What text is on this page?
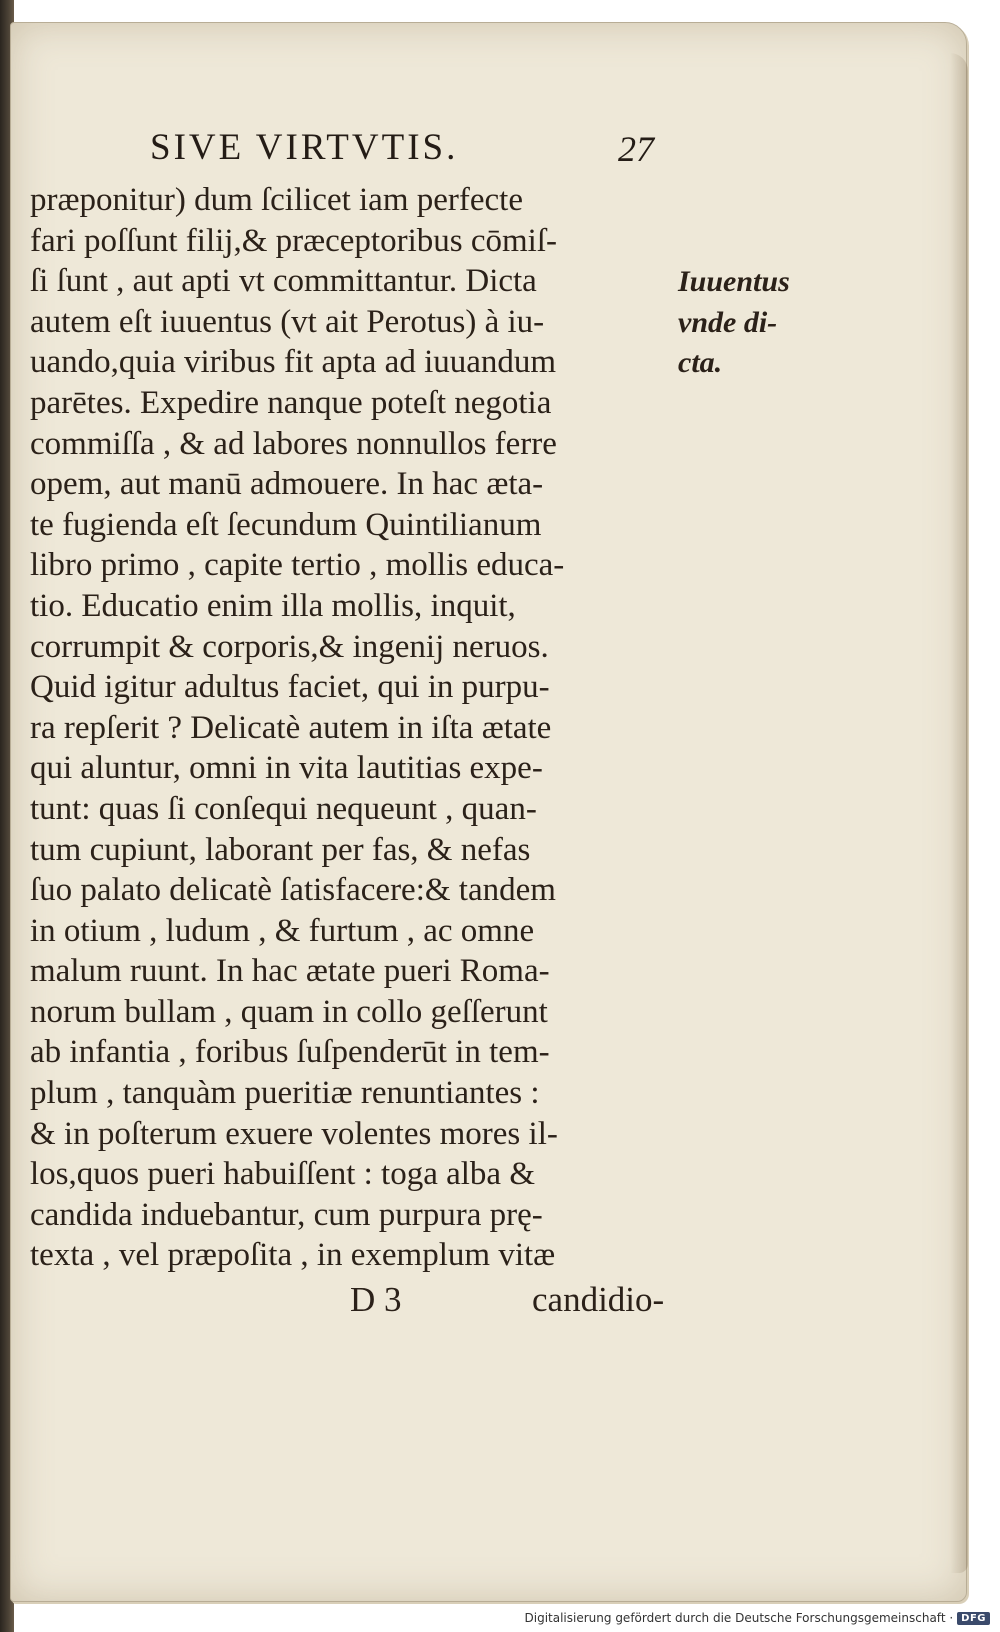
SIVE VIRTVTIS.	27
præponitur) dum ſcilicet iam perfecte
fari poſſunt filij,& præceptoribus cōmiſ-
ſi ſunt , aut apti vt committantur. Dicta
autem eſt iuuentus (vt ait Perotus) à iu-
uando,quia viribus fit apta ad iuuandum
parētes. Expedire nanque poteſt negotia
commiſſa , & ad labores nonnullos ferre
opem, aut manū admouere. In hac æta-
te fugienda eſt ſecundum Quintilianum
libro primo , capite tertio , mollis educa-
tio. Educatio enim illa mollis, inquit,
corrumpit & corporis,& ingenij neruos.
Quid igitur adultus faciet, qui in purpu-
ra repſerit ? Delicatè autem in iſta ætate
qui aluntur, omni in vita lautitias expe-
tunt: quas ſi conſequi nequeunt , quan-
tum cupiunt, laborant per fas, & nefas
ſuo palato delicatè ſatisfacere:& tandem
in otium , ludum , & furtum , ac omne
malum ruunt. In hac ætate pueri Roma-
norum bullam , quam in collo geſſerunt
ab infantia , foribus ſuſpenderūt in tem-
plum , tanquàm pueritiæ renuntiantes :
& in poſterum exuere volentes mores il-
los,quos pueri habuiſſent : toga alba &
candida induebantur, cum purpura prę-
texta , vel præpoſita , in exemplum vitæ
Iuuentus
vnde di-
cta.
D 3	candidio-
Digitalisierung gefördert durch die Deutsche Forschungsgemeinschaft · DFG
